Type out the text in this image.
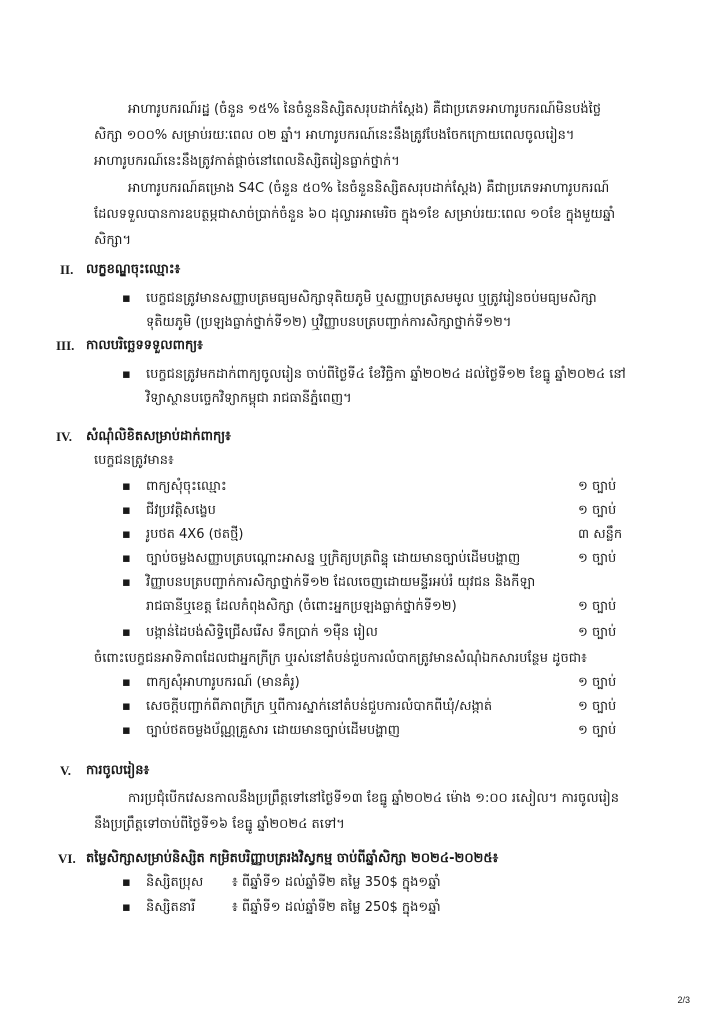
អាហារូបករណ៍រដ្ឋ (ចំនួន ១៥% នៃចំនួននិស្សិតសរុបដាក់ស្តែង) គឺជាប្រភេទអាហារូបករណ៍មិនបង់ថ្លៃ
សិក្សា ១០០% សម្រាប់រយៈពេល ០២ ឆ្នាំ។ អាហារូបករណ៍នេះនឹងត្រូវបែងចែកក្រោយពេលចូលរៀន។
អាហារូបករណ៍នេះនឹងត្រូវកាត់ផ្តាច់នៅពេលនិស្សិតរៀនធ្លាក់ថ្នាក់។
អាហារូបករណ៍គម្រោង S4C (ចំនួន ៥០% នៃចំនួននិស្សិតសរុបដាក់ស្តែង) គឺជាប្រភេទអាហារូបករណ៍
ដែលទទួលបានការឧបត្ថម្ភជាសាច់ប្រាក់ចំនួន ៦០ ដុល្លារអាមេរិច ក្នុង១ខែ សម្រាប់រយៈពេល ១០ខែ ក្នុងមួយឆ្នាំ
សិក្សា។
II. លក្ខខណ្ឌចុះឈ្មោះ៖
▪ បេក្ខជនត្រូវមានសញ្ញាបត្រមធ្យមសិក្សាទុតិយភូមិ ឬសញ្ញាបត្រសមមូល ឬត្រូវរៀនចប់មធ្យមសិក្សា
ទុតិយភូមិ (ប្រឡងធ្លាក់ថ្នាក់ទី១២) ឬវិញ្ញាបនបត្របញ្ជាក់ការសិក្សាថ្នាក់ទី១២។
III. កាលបរិច្ឆេទទទួលពាក្យ៖
▪ បេក្ខជនត្រូវមកដាក់ពាក្យចូលរៀន ចាប់ពីថ្ងៃទី៤ ខែវិច្ឆិកា ឆ្នាំ២០២៤ ដល់ថ្ងៃទី១២ ខែធ្នូ ឆ្នាំ២០២៤ នៅ
វិទ្យាស្ថានបច្ចេកវិទ្យាកម្ពុជា រាជធានីភ្នំពេញ។
IV. សំណុំលិខិតសម្រាប់ដាក់ពាក្យ៖
បេក្ខជនត្រូវមាន៖
▪ ពាក្យសុំចុះឈ្មោះ	១ ច្បាប់
▪ ជីវប្រវត្តិសង្ខេប	១ ច្បាប់
▪ រូបថត 4X6 (ថតថ្មី)	៣ សន្លឹក
▪ ច្បាប់ចម្លងសញ្ញាបត្របណ្តោះអាសន្ន ឬក្រិត្យបត្រពិន្ទុ ដោយមានច្បាប់ដើមបង្ហាញ	១ ច្បាប់
▪ វិញ្ញាបនបត្របញ្ជាក់ការសិក្សាថ្នាក់ទី១២ ដែលចេញដោយមន្ទីរអប់រំ យុវជន និងកីឡា
រាជធានីឬខេត្ត ដែលកំពុងសិក្សា (ចំពោះអ្នកប្រឡងធ្លាក់ថ្នាក់ទី១២)	១ ច្បាប់
▪ បង្កាន់ដៃបង់សិទ្ធិជ្រើសរើស ទឹកប្រាក់ ១ម៉ឺន រៀល	១ ច្បាប់
ចំពោះបេក្ខជនអាទិភាពដែលជាអ្នកក្រីក្រ ឬរស់នៅតំបន់ជួបការលំបាកត្រូវមានសំណុំឯកសារបន្ថែម ដូចជា៖
▪ ពាក្យសុំអាហារូបករណ៍ (មានគំរូ)	១ ច្បាប់
▪ សេចក្តីបញ្ជាក់ពីភាពក្រីក្រ ឬពីការស្នាក់នៅតំបន់ជួបការលំបាកពីឃុំ/សង្កាត់	១ ច្បាប់
▪ ច្បាប់ថតចម្លងប័ណ្ណគ្រួសារ ដោយមានច្បាប់ដើមបង្ហាញ	១ ច្បាប់
V. ការចូលរៀន៖
ការប្រជុំបើកវេសនកាលនឹងប្រព្រឹត្តទៅនៅថ្ងៃទី១៣ ខែធ្នូ ឆ្នាំ២០២៤ ម៉ោង ១:០០ រសៀល។ ការចូលរៀន
នឹងប្រព្រឹត្តទៅចាប់ពីថ្ងៃទី១៦ ខែធ្នូ ឆ្នាំ២០២៤ តទៅ។
VI. តម្លៃសិក្សាសម្រាប់និស្សិត កម្រិតបរិញ្ញាបត្ររងវិស្វកម្ម ចាប់ពីឆ្នាំសិក្សា ២០២៤-២០២៥៖
▪ និស្សិតប្រុស ៖ ពីឆ្នាំទី១ ដល់ឆ្នាំទី២ តម្លៃ 350$ ក្នុង១ឆ្នាំ
▪ និស្សិតនារី	៖ ពីឆ្នាំទី១ ដល់ឆ្នាំទី២ តម្លៃ 250$ ក្នុង១ឆ្នាំ
2/3
